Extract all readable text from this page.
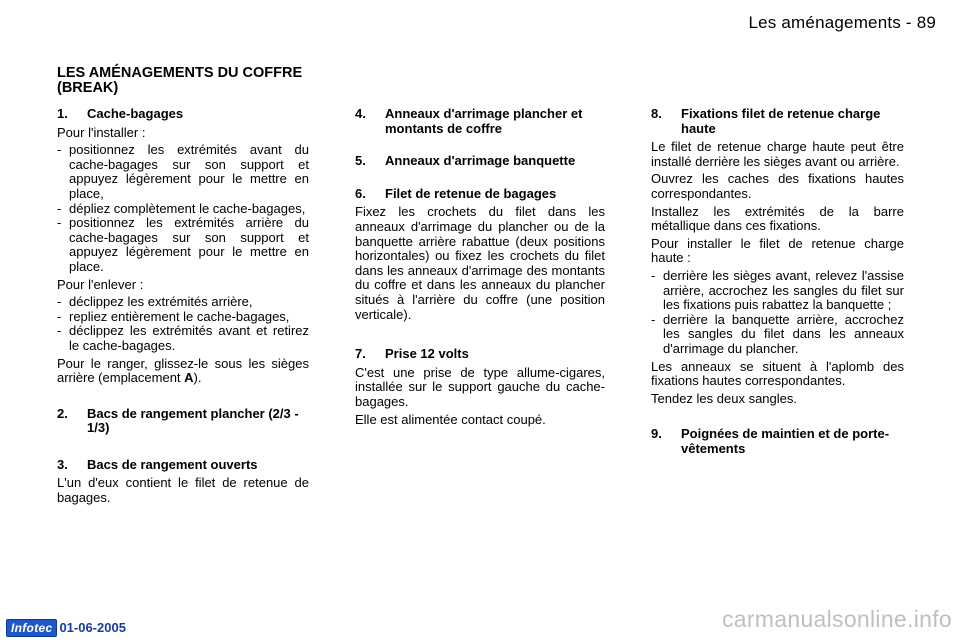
Les aménagements - 89
LES AMÉNAGEMENTS DU COFFRE (BREAK)
1.	Cache-bagages

Pour l'installer :

- positionnez les extrémités avant du cache-bagages sur son support et appuyez légèrement pour le mettre en place,
- dépliez complètement le cache-bagages,
- positionnez les extrémités arrière du cache-bagages sur son support et appuyez légèrement pour le mettre en place.

Pour l'enlever :

- déclippez les extrémités arrière,
- repliez entièrement le cache-bagages,
- déclippez les extrémités avant et retirez le cache-bagages.

Pour le ranger, glissez-le sous les sièges arrière (emplacement A).

2.	Bacs de rangement plancher (2/3 - 1/3)
3.	Bacs de rangement ouverts

L'un d'eux contient le filet de retenue de bagages.

4.	Anneaux d'arrimage plancher et montants de coffre
5.	Anneaux d'arrimage banquette
6.	Filet de retenue de bagages

Fixez les crochets du filet dans les anneaux d'arrimage du plancher ou de la banquette arrière rabattue (deux positions horizontales) ou fixez les crochets du filet dans les anneaux d'arrimage des montants du coffre et dans les anneaux du plancher situés à l'arrière du coffre (une position verticale).

7.	Prise 12 volts

C'est une prise de type allume-cigares, installée sur le support gauche du cache-bagages.

Elle est alimentée contact coupé.

8.	Fixations filet de retenue charge haute

Le filet de retenue charge haute peut être installé derrière les sièges avant ou arrière.

Ouvrez les caches des fixations hautes correspondantes.

Installez les extrémités de la barre métallique dans ces fixations.

Pour installer le filet de retenue charge haute :

- derrière les sièges avant, relevez l'assise arrière, accrochez les sangles du filet sur les fixations puis rabattez la banquette ;
- derrière la banquette arrière, accrochez les sangles du filet dans les anneaux d'arrimage du plancher.

Les anneaux se situent à l'aplomb des fixations hautes correspondantes.

Tendez les deux sangles.

9.	Poignées de maintien et de porte-vêtements
Infotec 01-06-2005	carmanualsonline.info
